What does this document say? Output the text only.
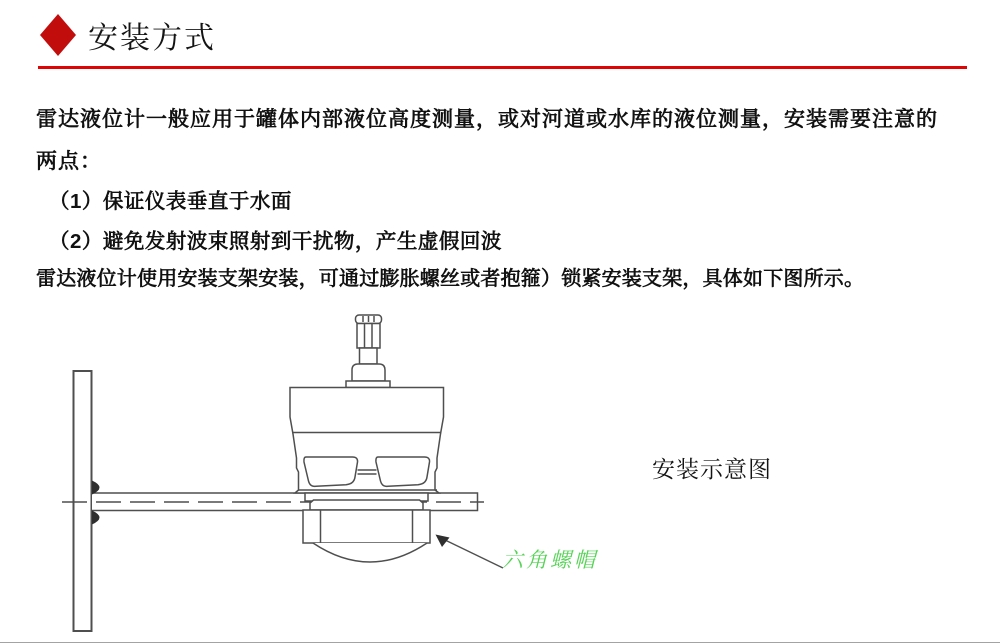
安装方式
雷达液位计一般应用于罐体内部液位高度测量，或对河道或水库的液位测量，安装需要注意的
两点：
（1）保证仪表垂直于水面
（2）避免发射波束照射到干扰物，产生虚假回波
雷达液位计使用安装支架安装，可通过膨胀螺丝或者抱箍）锁紧安装支架，具体如下图所示。
安装示意图
六角螺帽
